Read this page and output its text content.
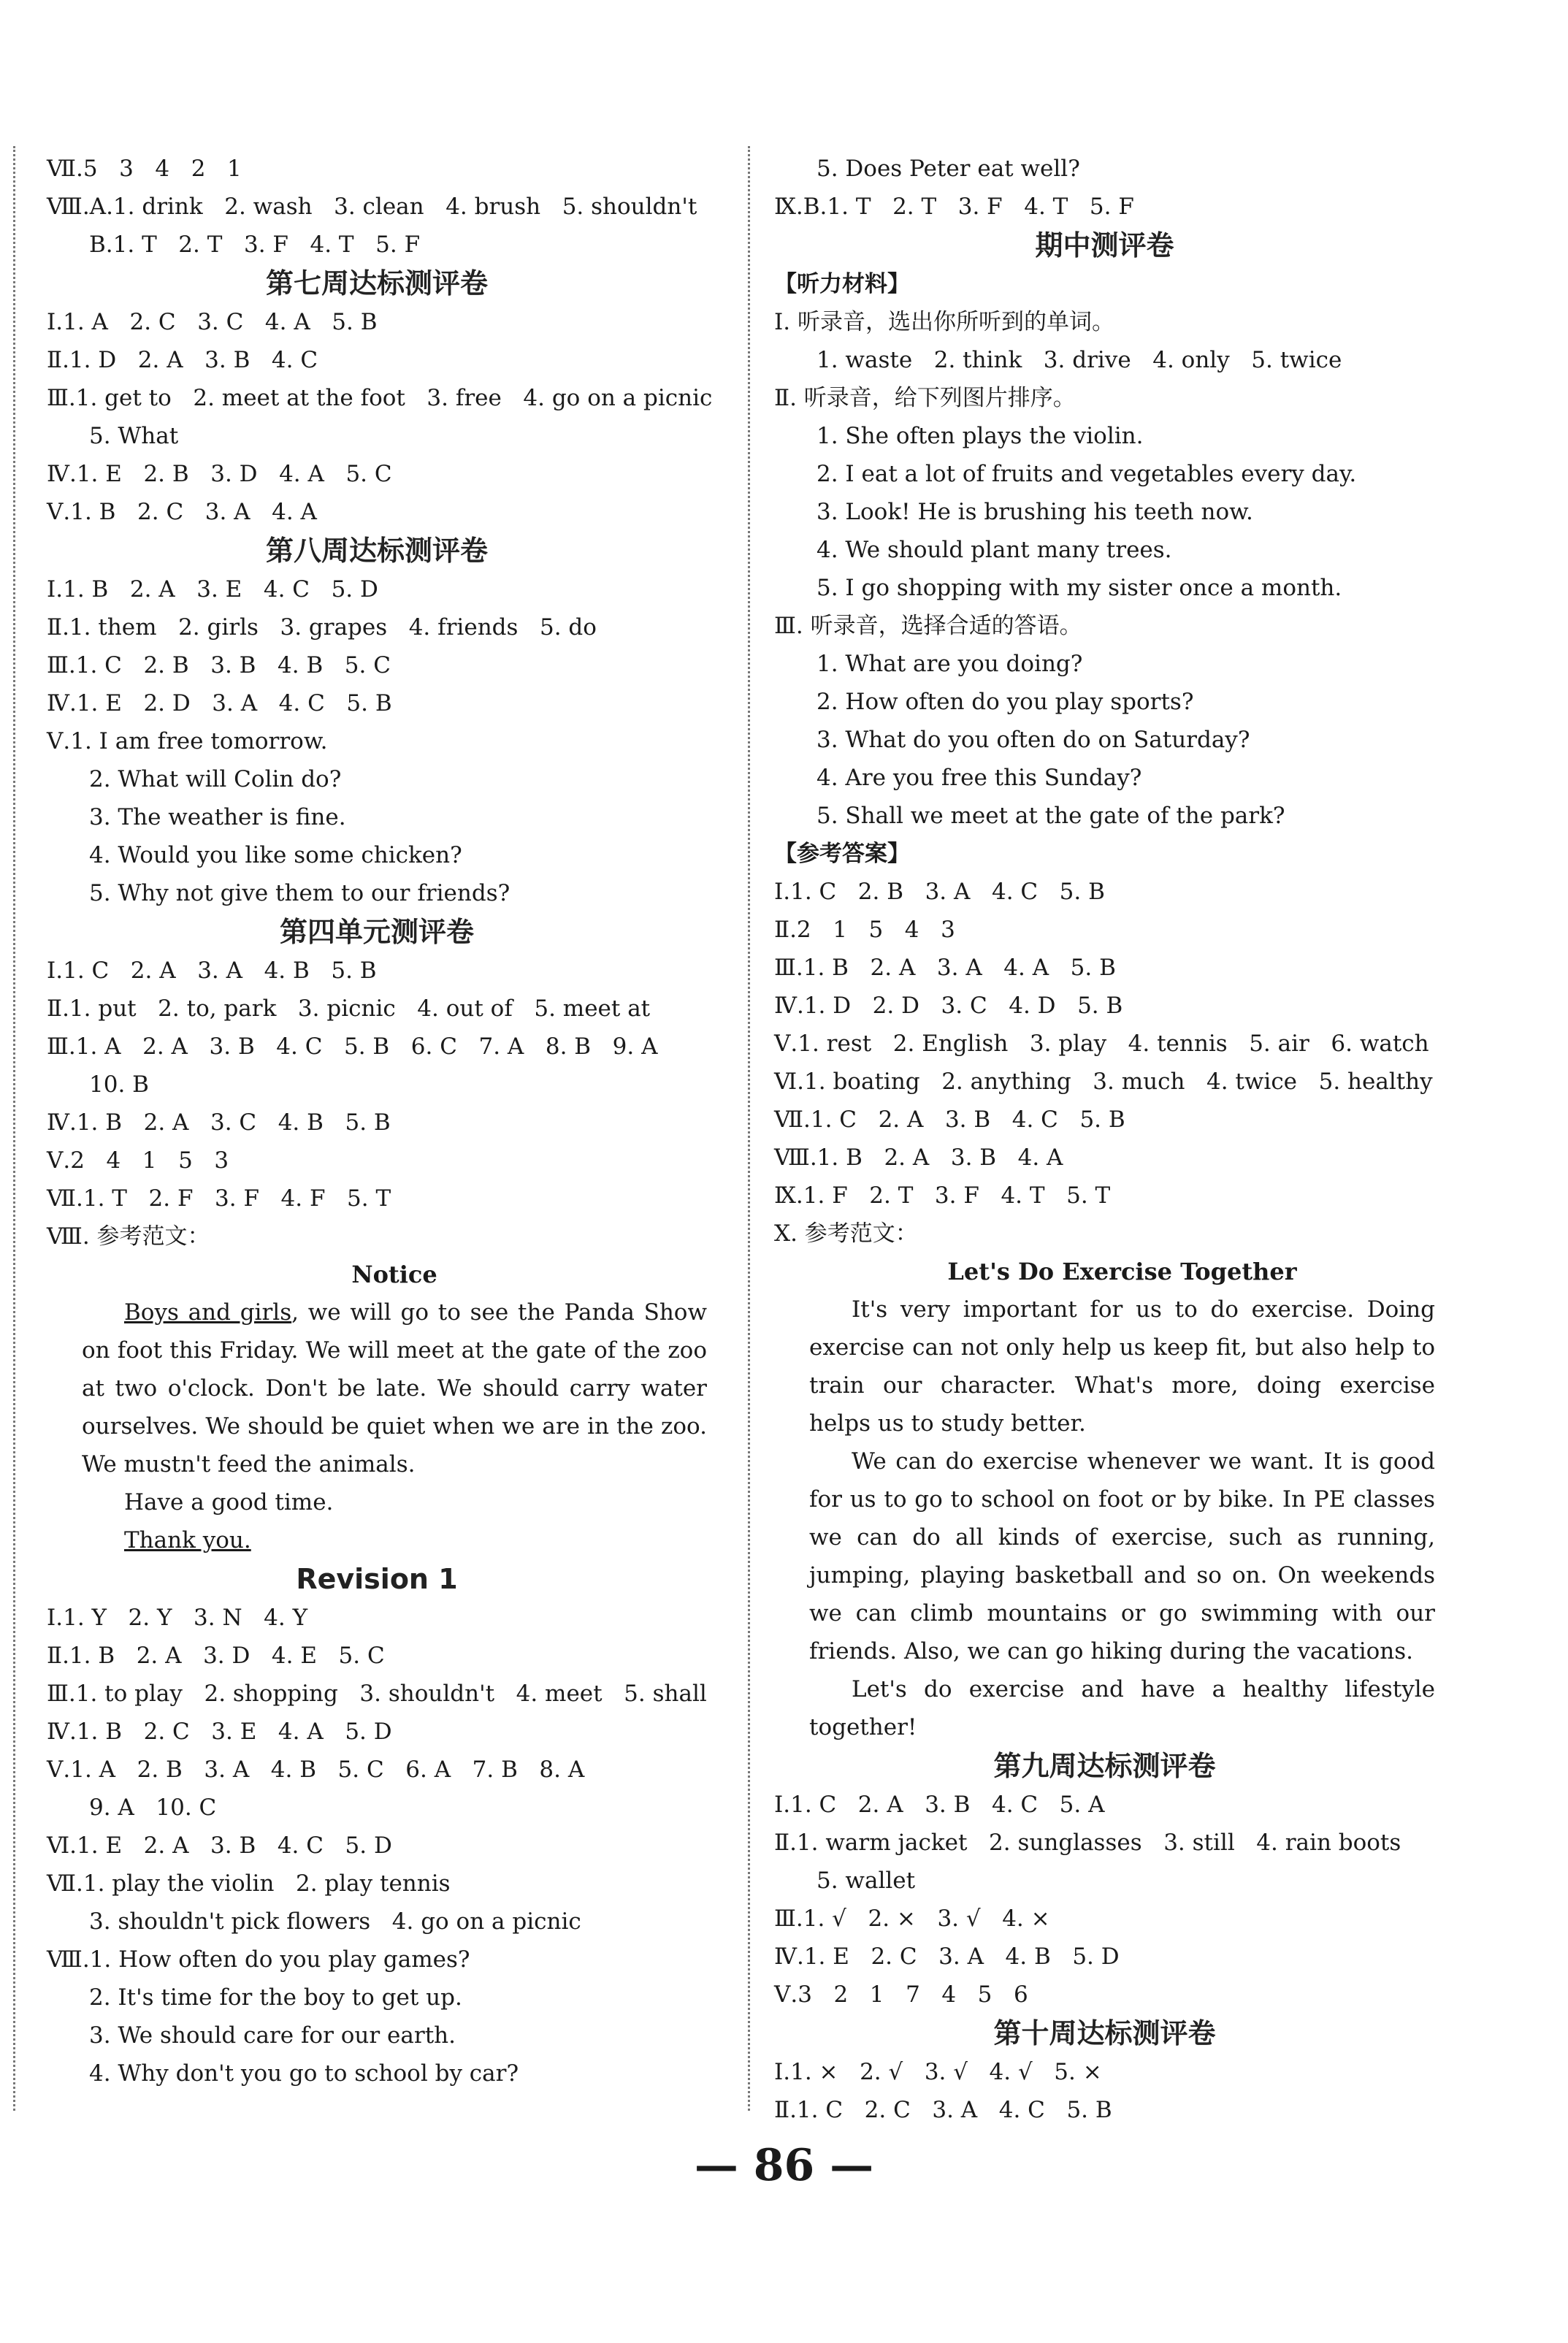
Ⅶ.5   3   4   2   1
Ⅷ.A.1. drink   2. wash   3. clean   4. brush   5. shouldn't
B.1. T   2. T   3. F   4. T   5. F
第七周达标测评卷
Ⅰ.1. A   2. C   3. C   4. A   5. B
Ⅱ.1. D   2. A   3. B   4. C
Ⅲ.1. get to   2. meet at the foot   3. free   4. go on a picnic
5. What
Ⅳ.1. E   2. B   3. D   4. A   5. C
Ⅴ.1. B   2. C   3. A   4. A
第八周达标测评卷
Ⅰ.1. B   2. A   3. E   4. C   5. D
Ⅱ.1. them   2. girls   3. grapes   4. friends   5. do
Ⅲ.1. C   2. B   3. B   4. B   5. C
Ⅳ.1. E   2. D   3. A   4. C   5. B
Ⅴ.1. I am free tomorrow.
2. What will Colin do?
3. The weather is fine.
4. Would you like some chicken?
5. Why not give them to our friends?
第四单元测评卷
Ⅰ.1. C   2. A   3. A   4. B   5. B
Ⅱ.1. put   2. to, park   3. picnic   4. out of   5. meet at
Ⅲ.1. A   2. A   3. B   4. C   5. B   6. C   7. A   8. B   9. A
10. B
Ⅳ.1. B   2. A   3. C   4. B   5. B
Ⅴ.2   4   1   5   3
Ⅶ.1. T   2. F   3. F   4. F   5. T
Ⅷ. 参考范文：
Notice
Boys and girls, we will go to see the Panda Show on foot this Friday. We will meet at the gate of the zoo at two o'clock. Don't be late. We should carry water ourselves. We should be quiet when we are in the zoo. We mustn't feed the animals.
Have a good time.
Thank you.
Revision 1
Ⅰ.1. Y   2. Y   3. N   4. Y
Ⅱ.1. B   2. A   3. D   4. E   5. C
Ⅲ.1. to play   2. shopping   3. shouldn't   4. meet   5. shall
Ⅳ.1. B   2. C   3. E   4. A   5. D
Ⅴ.1. A   2. B   3. A   4. B   5. C   6. A   7. B   8. A
9. A   10. C
Ⅵ.1. E   2. A   3. B   4. C   5. D
Ⅶ.1. play the violin   2. play tennis
3. shouldn't pick flowers   4. go on a picnic
Ⅷ.1. How often do you play games?
2. It's time for the boy to get up.
3. We should care for our earth.
4. Why don't you go to school by car?
5. Does Peter eat well?
Ⅸ.B.1. T   2. T   3. F   4. T   5. F
期中测评卷
【听力材料】
Ⅰ. 听录音，选出你所听到的单词。
1. waste   2. think   3. drive   4. only   5. twice
Ⅱ. 听录音，给下列图片排序。
1. She often plays the violin.
2. I eat a lot of fruits and vegetables every day.
3. Look! He is brushing his teeth now.
4. We should plant many trees.
5. I go shopping with my sister once a month.
Ⅲ. 听录音，选择合适的答语。
1. What are you doing?
2. How often do you play sports?
3. What do you often do on Saturday?
4. Are you free this Sunday?
5. Shall we meet at the gate of the park?
【参考答案】
Ⅰ.1. C   2. B   3. A   4. C   5. B
Ⅱ.2   1   5   4   3
Ⅲ.1. B   2. A   3. A   4. A   5. B
Ⅳ.1. D   2. D   3. C   4. D   5. B
Ⅴ.1. rest   2. English   3. play   4. tennis   5. air   6. watch
Ⅵ.1. boating   2. anything   3. much   4. twice   5. healthy
Ⅶ.1. C   2. A   3. B   4. C   5. B
Ⅷ.1. B   2. A   3. B   4. A
Ⅸ.1. F   2. T   3. F   4. T   5. T
Ⅹ. 参考范文：
Let's Do Exercise Together
It's very important for us to do exercise. Doing exercise can not only help us keep fit, but also help to train our character. What's more, doing exercise helps us to study better.
We can do exercise whenever we want. It is good for us to go to school on foot or by bike. In PE classes we can do all kinds of exercise, such as running, jumping, playing basketball and so on. On weekends we can climb mountains or go swimming with our friends. Also, we can go hiking during the vacations.
Let's do exercise and have a healthy lifestyle together!
第九周达标测评卷
Ⅰ.1. C   2. A   3. B   4. C   5. A
Ⅱ.1. warm jacket   2. sunglasses   3. still   4. rain boots
5. wallet
Ⅲ.1. √   2. ×   3. √   4. ×
Ⅳ.1. E   2. C   3. A   4. B   5. D
Ⅴ.3   2   1   7   4   5   6
第十周达标测评卷
Ⅰ.1. ×   2. √   3. √   4. √   5. ×
Ⅱ.1. C   2. C   3. A   4. C   5. B
— 86 —
